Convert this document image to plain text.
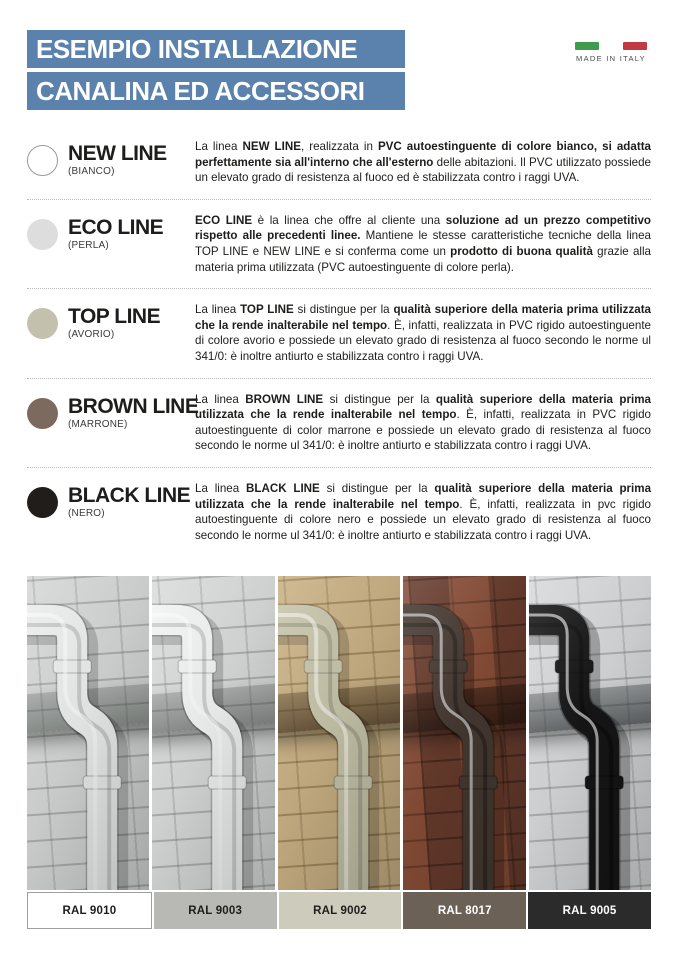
ESEMPIO INSTALLAZIONE
CANALINA ED ACCESSORI
MADE IN ITALY
NEW LINE
(BIANCO)

La linea NEW LINE, realizzata in PVC autoestinguente di colore bianco, si adatta perfettamente sia all'interno che all'esterno delle abitazioni. Il PVC utilizzato possiede un elevato grado di resistenza al fuoco ed è stabilizzata contro i raggi UVA.

ECO LINE
(PERLA)

ECO LINE è la linea che offre al cliente una soluzione ad un prezzo competitivo rispetto alle precedenti linee. Mantiene le stesse caratteristiche tecniche della linea TOP LINE e NEW LINE e si conferma come un prodotto di buona qualità grazie alla materia prima utilizzata (PVC autoestinguente di colore perla).

TOP LINE
(AVORIO)

La linea TOP LINE si distingue per la qualità superiore della materia prima utilizzata che la rende inalterabile nel tempo. È, infatti, realizzata in PVC rigido autoestinguente di colore avorio e possiede un elevato grado di resistenza al fuoco secondo le norme ul 341/0: è inoltre antiurto e stabilizzata contro i raggi UVA.

BROWN LINE
(MARRONE)

La linea BROWN LINE si distingue per la qualità superiore della materia prima utilizzata che la rende inalterabile nel tempo. È, infatti, realizzata in PVC rigido autoestinguente di color marrone e possiede un elevato grado di resistenza al fuoco secondo le norme ul 341/0: è inoltre antiurto e stabilizzata contro i raggi UVA.

BLACK LINE
(NERO)

La linea BLACK LINE si distingue per la qualità superiore della materia prima utilizzata che la rende inalterabile nel tempo. È, infatti, realizzata in pvc rigido autoestinguente di colore nero e possiede un elevato grado di resistenza al fuoco secondo le norme ul 341/0: è inoltre antiurto e stabilizzata contro i raggi UVA.

RAL 9010	RAL 9003	RAL 9002	RAL 8017	RAL 9005
